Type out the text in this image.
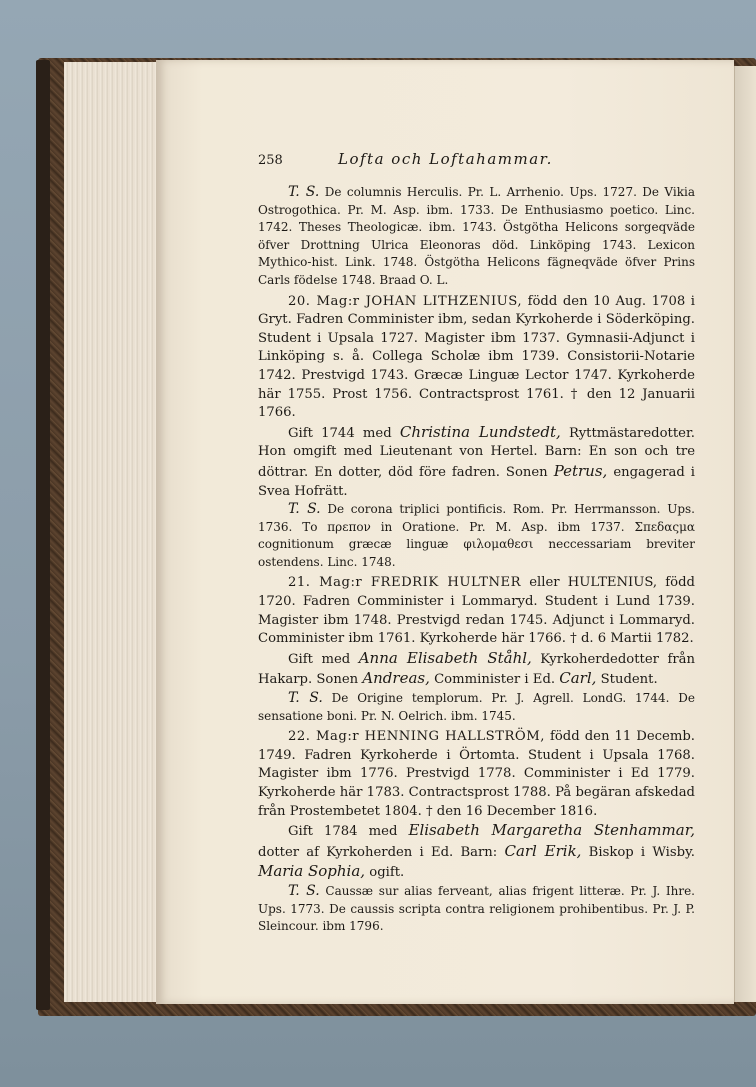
258	Lofta och Loftahammar.

T. S. De columnis Herculis. Pr. L. Arrhenio. Ups. 1727. De Vikia Ostrogothica. Pr. M. Asp. ibm. 1733. De Enthusiasmo poetico. Linc. 1742. Theses Theologicæ. ibm. 1743. Östgötha Helicons sorgeqväde öfver Drottning Ulrica Eleonoras död. Linköping 1743. Lexicon Mythico-hist. Link. 1748. Östgötha Helicons fägneqväde öfver Prins Carls födelse 1748. Braad O. L.

20. Mag:r JOHAN LITHZENIUS, född den 10 Aug. 1708 i Gryt. Fadren Comminister ibm, sedan Kyrkoherde i Söderköping. Student i Upsala 1727. Magister ibm 1737. Gymnasii-Adjunct i Linköping s. å. Collega Scholæ ibm 1739. Consistorii-Notarie 1742. Prestvigd 1743. Græcæ Linguæ Lector 1747. Kyrkoherde här 1755. Prost 1756. Contractsprost 1761. † den 12 Januarii 1766.

Gift 1744 med Christina Lundstedt, Ryttmästaredotter. Hon omgift med Lieutenant von Hertel. Barn: En son och tre döttrar. En dotter, död före fadren. Sonen Petrus, engagerad i Svea Hofrätt.

T. S. De corona triplici pontificis. Rom. Pr. Herrmansson. Ups. 1736. Το πρεπον in Oratione. Pr. M. Asp. ibm 1737. Σπεδαςμα cognitionum græcæ linguæ φιλομαθεσι neccessariam breviter ostendens. Linc. 1748.

21. Mag:r FREDRIK HULTNER eller HULTENIUS, född 1720. Fadren Comminister i Lommaryd. Student i Lund 1739. Magister ibm 1748. Prestvigd redan 1745. Adjunct i Lommaryd. Comminister ibm 1761. Kyrkoherde här 1766. † d. 6 Martii 1782.

Gift med Anna Elisabeth Ståhl, Kyrkoherdedotter från Hakarp. Sonen Andreas, Comminister i Ed. Carl, Student.

T. S. De Origine templorum. Pr. J. Agrell. LondG. 1744. De sensatione boni. Pr. N. Oelrich. ibm. 1745.

22. Mag:r HENNING HALLSTRÖM, född den 11 Decemb. 1749. Fadren Kyrkoherde i Örtomta. Student i Upsala 1768. Magister ibm 1776. Prestvigd 1778. Comminister i Ed 1779. Kyrkoherde här 1783. Contractsprost 1788. På begäran afskedad från Prostembetet 1804. † den 16 December 1816.

Gift 1784 med Elisabeth Margaretha Stenhammar, dotter af Kyrkoherden i Ed. Barn: Carl Erik, Biskop i Wisby. Maria Sophia, ogift.

T. S. Caussæ sur alias ferveant, alias frigent litteræ. Pr. J. Ihre. Ups. 1773. De caussis scripta contra religionem prohibentibus. Pr. J. P. Sleincour. ibm 1796.
